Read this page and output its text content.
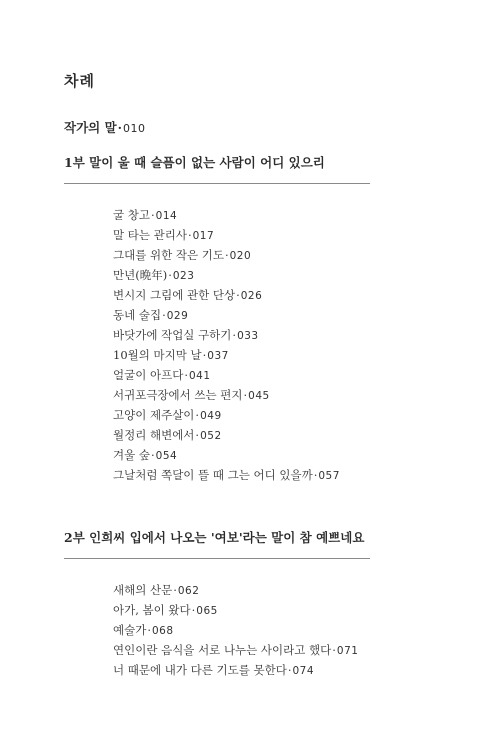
차례
작가의 말·010
1부 말이 울 때 슬픔이 없는 사람이 어디 있으리
굴 창고·014
말 타는 관리사·017
그대를 위한 작은 기도·020
만년(晩年)·023
변시지 그림에 관한 단상·026
동네 술집·029
바닷가에 작업실 구하기·033
10월의 마지막 날·037
얼굴이 아프다·041
서귀포극장에서 쓰는 편지·045
고양이 제주살이·049
월정리 해변에서·052
겨울 숲·054
그날처럼 쪽달이 뜰 때 그는 어디 있을까·057
2부 인희씨 입에서 나오는 '여보'라는 말이 참 예쁘네요
새해의 산문·062
아가, 봄이 왔다·065
예술가·068
연인이란 음식을 서로 나누는 사이라고 했다·071
너 때문에 내가 다른 기도를 못한다·074
